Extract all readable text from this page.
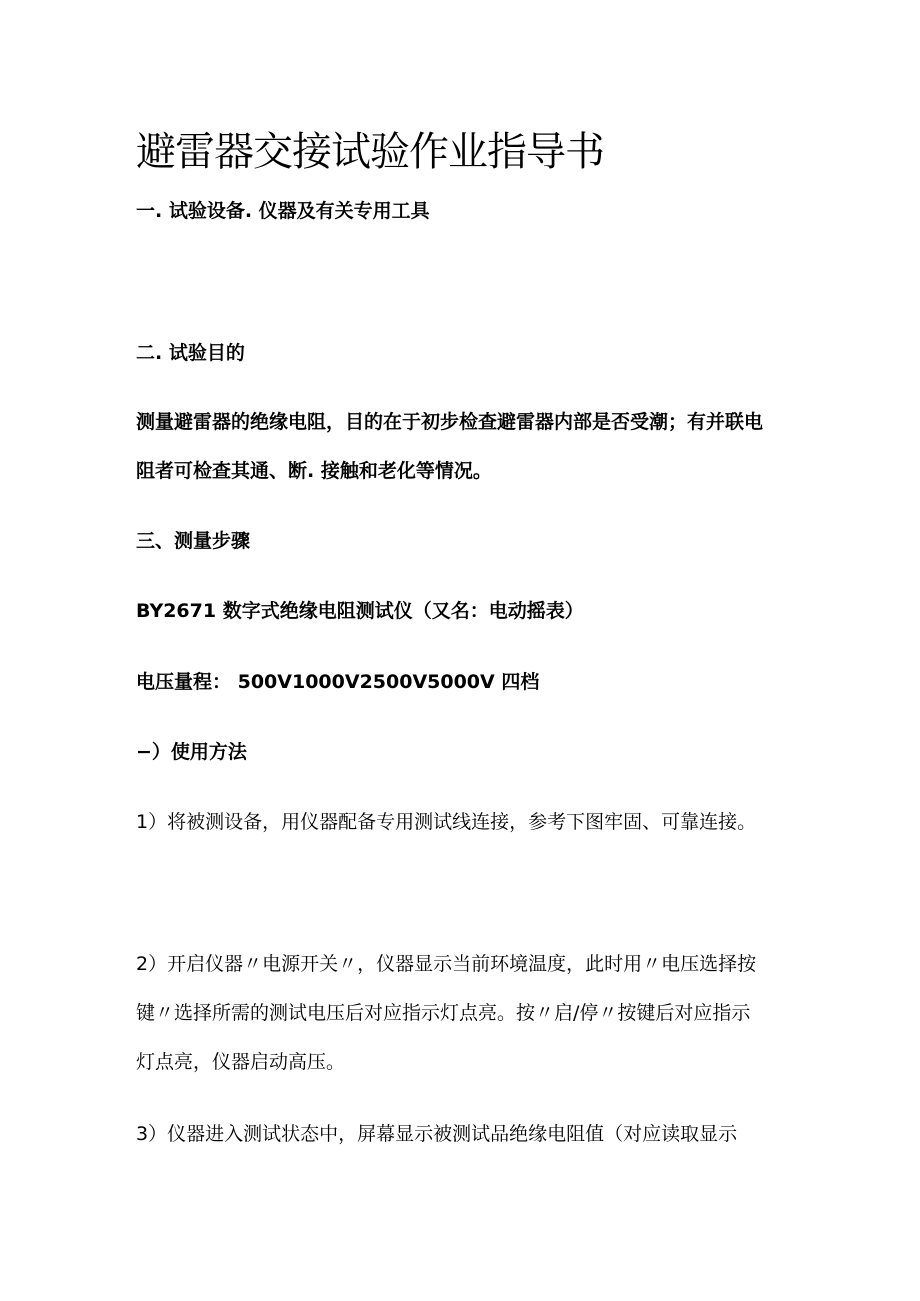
避雷器交接试验作业指导书
一. 试验设备. 仪器及有关专用工具
二. 试验目的
测量避雷器的绝缘电阻，目的在于初步检查避雷器内部是否受潮；有并联电
阻者可检查其通、断. 接触和老化等情况。
三、测量步骤
BY2671 数字式绝缘电阻测试仪（又名：电动摇表）
电压量程： 500V1000V2500V5000V 四档
−）使用方法
1）将被测设备，用仪器配备专用测试线连接，参考下图牢固、可靠连接。
2）开启仪器〃电源开关〃，仪器显示当前环境温度，此时用〃电压选择按
键〃选择所需的测试电压后对应指示灯点亮。按〃启/停〃按键后对应指示
灯点亮，仪器启动高压。
3）仪器进入测试状态中，屏幕显示被测试品绝缘电阻值（对应读取显示
